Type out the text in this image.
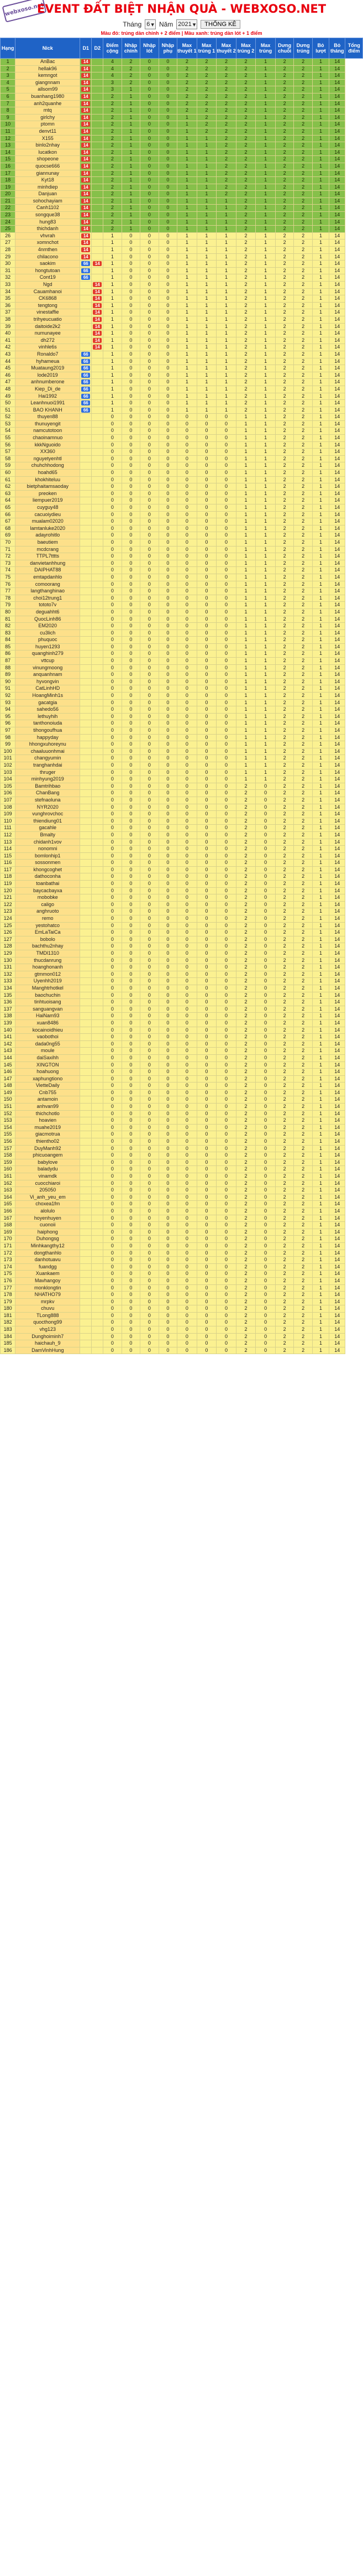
webxoso.net
EVENT ĐẤT BIỆT NHẬN QUÀ - WEBXOSO.NET
Tháng 6 ▾ Năm 2021 ▾	THỐNG KÊ
Màu đỏ: trúng dàn chính + 2 điểm | Màu xanh: trúng dàn lót + 1 điểm
Hạng	Nick	D1	D2	Điểm cộng	Nhập chính	Nhập lót	Nhập phụ	Max thuyết 1	Max trúng 1	Max thuyết 2	Max trúng 2	Max trúng	Dưng chuỗi	Dưng trúng	Bỏ lượt	Bỏ tháng	Tổng điểm
1	AnBac	14		4	2	0	0	2	2	2	2	1	2	2	1	14	
2	hellak96	14		4	2	0	0	2	2	2	2	1	2	2	1	14	
3	kemngot	14		4	2	0	0	2	2	2	2	1	2	2	1	14	
4	giangnnam	14		3	2	0	0	2	2	2	2	1	2	2	1	14	
5	allsom99	14		3	1	0	0	2	2	2	2	1	2	2	1	14	
6	buanhang1980	14		2	1	0	0	2	2	2	2	1	2	2	1	14	
7	anh2quanhe	14		2	1	0	0	2	2	2	2	1	2	2	1	14	
8	mtq	14		2	1	0	0	2	2	2	2	1	2	2	1	14	
9	girlchy	14		2	1	0	0	1	2	2	2	1	2	2	1	14	
10	ptomn	14		2	1	0	0	1	2	2	2	1	2	2	1	14	
11	denvt11	14		2	1	0	0	1	2	2	2	1	2	2	1	14	
12	X155	14		2	1	0	0	1	1	2	2	1	2	2	1	14	
13	binlo2nhay	14		2	1	0	0	1	1	2	2	1	2	2	1	14	
14	lucatkon	14		2	1	0	0	1	1	2	2	1	2	2	1	14	
15	shopeone	14		2	1	0	0	1	1	2	2	1	2	2	1	14	
16	quocse666	14		2	1	0	0	1	1	2	2	1	2	2	1	14	
17	giannunay	14		2	1	0	0	1	1	2	2	1	2	2	1	14	
18	Kyt18	14		2	1	0	0	1	1	2	2	1	2	2	1	14	
19	minhdiep	14		2	1	0	0	1	1	2	2	1	2	2	1	14	
20	Danjuan	14		2	1	0	0	1	1	2	2	1	2	2	1	14	
21	sohochayiam	14		2	1	0	0	1	1	1	2	1	2	2	1	14	
22	Canh1102	14		2	1	0	0	1	1	1	2	1	2	2	1	14	
23	songque38	14		2	1	0	0	1	1	1	2	1	2	2	1	14	
24	hung83	14		2	1	0	0	1	1	1	2	1	2	2	1	14	
25	thichdanh	14		2	1	0	0	1	1	1	2	1	2	2	1	14	
26	vhvrah	14		1	0	0	0	1	1	1	2	1	2	2	1	14	
27	xomnchot	14		1	0	0	0	1	1	1	2	1	2	2	1	14	
28	4nmthen	14		1	0	0	0	1	1	1	2	1	2	2	1	14	
29	chilacono	14		1	0	0	0	1	1	1	2	1	2	2	1	14	
30	saokim	66	14	1	0	0	0	1	1	1	2	1	2	2	1	14	
31	hongtutoan	66		1	0	0	0	1	1	1	2	1	2	2	1	14	
32	Cont19	66		1	0	0	0	1	1	1	2	1	2	2	1	14	
33	Ngd		14	1	0	0	0	1	1	1	2	1	2	2	1	14	
34	Cauamhanoi		14	1	0	0	0	1	1	1	2	1	2	2	1	14	
35	CK6868		14	1	0	0	0	1	1	1	2	1	2	2	1	14	
36	tengtong		14	1	0	0	0	1	1	1	2	1	2	2	1	14	
37	vinestaffie		14	1	0	0	0	1	1	1	2	1	2	2	1	14	
38	trihyeucuatio		14	1	0	0	0	1	1	1	2	1	2	2	1	14	
39	daitoide2k2		14	1	0	0	0	1	1	1	2	1	2	2	1	14	
40	numunayee		14	1	0	0	0	1	1	1	2	1	2	2	1	14	
41	dh272		14	1	0	0	0	1	1	1	2	1	2	2	1	14	
42	vinhle6s		14	1	0	0	0	1	1	1	2	1	2	2	1	14	
43	Ronaldo7	66		1	0	0	0	1	1	1	2	1	2	2	1	14	
44	hyhameua	66		1	0	0	0	1	1	1	2	1	2	2	1	14	
45	Muataung2019	66		1	0	0	0	1	1	1	2	1	2	2	1	14	
46	lode2019	66		1	0	0	0	1	1	1	2	1	2	2	1	14	
47	anhnumberone	66		1	0	0	0	1	1	1	2	1	2	2	1	14	
48	Kiep_Di_de	66		1	0	0	0	1	1	1	2	1	2	2	1	14	
49	Hai1992	66		1	0	0	0	1	1	1	2	1	2	2	1	14	
50	Leanhnuoi1991	66		1	0	0	0	1	1	1	2	1	2	2	1	14	
51	BAO KHANH	66		1	0	0	0	1	1	1	2	1	2	2	1	14	
52	thuyen88			0	0	0	0	0	0	0	1	1	2	2	1	14	
53	thunuyengit			0	0	0	0	0	0	0	1	1	2	2	1	14	
54	namcutotoon			0	0	0	0	0	0	0	1	1	2	2	1	14	
55	chaoinamnuo			0	0	0	0	0	0	0	1	1	2	2	1	14	
56	kkkNguoido			0	0	0	0	0	0	0	1	1	2	2	1	14	
57	XX360			0	0	0	0	0	0	0	1	1	2	2	1	14	
58	nguyetyenhtl			0	0	0	0	0	0	0	1	1	2	2	1	14	
59	chuhchhodong			0	0	0	0	0	0	0	1	1	2	2	1	14	
60	hoahd65			0	0	0	0	0	0	0	1	1	2	2	1	14	
61	khokhiteluu			0	0	0	0	0	0	0	1	1	2	2	1	14	
62	bietphaitamsaoday			0	0	0	0	0	0	0	1	1	2	2	1	14	
63	preoken			0	0	0	0	0	0	0	1	1	2	2	1	14	
64	liempuer2019			0	0	0	0	0	0	0	1	1	2	2	1	14	
65	cuyguy48			0	0	0	0	0	0	0	1	1	2	2	1	14	
66	cacuoiydieu			0	0	0	0	0	0	0	1	1	2	2	1	14	
67	mualam02020			0	0	0	0	0	0	0	1	1	2	2	1	14	
68	lamtanluke2020			0	0	0	0	0	0	0	1	1	2	2	1	14	
69	adayrohitlo			0	0	0	0	0	0	0	1	1	2	2	1	14	
70	baeutiem			0	0	0	0	0	0	0	1	1	2	2	1	14	
71	mcdcrang			0	0	0	0	0	0	0	1	1	2	2	1	14	
72	TTPL7tttts			0	0	0	0	0	0	0	1	1	2	2	1	14	
73	danvietanhhung			0	0	0	0	0	0	0	1	1	2	2	1	14	
74	DAIPHAT88			0	0	0	0	0	0	0	1	1	2	2	1	14	
75	emtapdanhlo			0	0	0	0	0	0	0	1	1	2	2	1	14	
76	comoorang			0	0	0	0	0	0	0	1	1	2	2	1	14	
77	langthanghinao			0	0	0	0	0	0	0	1	1	2	2	1	14	
78	choi12trung1			0	0	0	0	0	0	0	1	1	2	2	1	14	
79	tototo7v			0	0	0	0	0	0	0	1	1	2	2	1	14	
80	deguahht6			0	0	0	0	0	0	0	1	1	2	2	1	14	
81	QuocLinh86			0	0	0	0	0	0	0	1	1	2	2	1	14	
82	EM2020			0	0	0	0	0	0	0	1	1	2	2	1	14	
83	cu3lich			0	0	0	0	0	0	0	1	1	2	2	1	14	
84	phuquoc			0	0	0	0	0	0	0	1	1	2	2	1	14	
85	huyen1293			0	0	0	0	0	0	0	1	1	2	2	1	14	
86	quanghinh279			0	0	0	0	0	0	0	1	1	2	2	1	14	
87	vttcup			0	0	0	0	0	0	0	1	1	2	2	1	14	
88	vinungmoong			0	0	0	0	0	0	0	1	1	2	2	1	14	
89	anquanhnam			0	0	0	0	0	0	0	1	1	2	2	1	14	
90	hyvongvin			0	0	0	0	0	0	0	1	1	2	2	1	14	
91	CatLinhHD			0	0	0	0	0	0	0	1	1	2	2	1	14	
92	HoangMinh1s			0	0	0	0	0	0	0	1	1	2	2	1	14	
93	gacatgia			0	0	0	0	0	0	0	1	1	2	2	1	14	
94	sahedo56			0	0	0	0	0	0	0	1	1	2	2	1	14	
95	lethuyhih			0	0	0	0	0	0	0	1	1	2	2	1	14	
96	tanthonoiuda			0	0	0	0	0	0	0	1	1	2	2	1	14	
97	tihongoufhua			0	0	0	0	0	0	0	1	1	2	2	1	14	
98	happyday			0	0	0	0	0	0	0	1	1	2	2	1	14	
99	hhongxuhoreynu			0	0	0	0	0	0	0	1	1	2	2	1	14	
100	chaaluuonhmai			0	0	0	0	0	0	0	1	1	2	2	1	14	
101	changyumin			0	0	0	0	0	0	0	1	1	2	2	1	14	
102	tranghanhdai			0	0	0	0	0	0	0	1	1	2	2	1	14	
103	thruger			0	0	0	0	0	0	0	1	1	2	2	1	14	
104	minhyung2019			0	0	0	0	0	0	0	1	1	2	2	1	14	
105	Bamtrihbao			0	0	0	0	0	0	0	2	0	2	2	1	14	
106	ChanBang			0	0	0	0	0	0	0	2	0	2	2	1	14	
107	stefnaoluna			0	0	0	0	0	0	0	2	0	2	2	1	14	
108	NYR2020			0	0	0	0	0	0	0	2	0	2	2	1	14	
109	vunghrovchoc			0	0	0	0	0	0	0	2	0	2	2	1	14	
110	thiendiung01			0	0	0	0	0	0	0	2	0	2	2	1	14	
111	gacahle			0	0	0	0	0	0	0	2	0	2	2	1	14	
112	Bmalty			0	0	0	0	0	0	0	2	0	2	2	1	14	
113	chidanh1vov			0	0	0	0	0	0	0	2	0	2	2	1	14	
114	nonomni			0	0	0	0	0	0	0	2	0	2	2	1	14	
115	bomlonhip1			0	0	0	0	0	0	0	2	0	2	2	1	14	
116	sossonmen			0	0	0	0	0	0	0	2	0	2	2	1	14	
117	khongcoghet			0	0	0	0	0	0	0	2	0	2	2	1	14	
118	dathoconha			0	0	0	0	0	0	0	2	0	2	2	1	14	
119	toanbathai			0	0	0	0	0	0	0	2	0	2	2	1	14	
120	baycacbayxa			0	0	0	0	0	0	0	2	0	2	2	1	14	
121	mobobke			0	0	0	0	0	0	0	2	0	2	2	1	14	
122	caligo			0	0	0	0	0	0	0	2	0	2	2	1	14	
123	anghruoto			0	0	0	0	0	0	0	2	0	2	2	1	14	
124	remo			0	0	0	0	0	0	0	2	0	2	2	1	14	
125	yestohatco			0	0	0	0	0	0	0	2	0	2	2	1	14	
126	EmLaTaiCa			0	0	0	0	0	0	0	2	0	2	2	1	14	
127	bobolo			0	0	0	0	0	0	0	2	0	2	2	1	14	
128	bachthu2nhay			0	0	0	0	0	0	0	2	0	2	2	1	14	
129	TMDl1310			0	0	0	0	0	0	0	2	0	2	2	1	14	
130	thucdanrung			0	0	0	0	0	0	0	2	0	2	2	1	14	
131	hoanghonanh			0	0	0	0	0	0	0	2	0	2	2	1	14	
132	gtmmon012			0	0	0	0	0	0	0	2	0	2	2	1	14	
133	Uyenhh2019			0	0	0	0	0	0	0	2	0	2	2	1	14	
134	Manghtrhotkel			0	0	0	0	0	0	0	2	0	2	2	1	14	
135	baochuchin			0	0	0	0	0	0	0	2	0	2	2	1	14	
136	tinhtuoisang			0	0	0	0	0	0	0	2	0	2	2	1	14	
137	sanguangvan			0	0	0	0	0	0	0	2	0	2	2	1	14	
138	HaiNam93			0	0	0	0	0	0	0	2	0	2	2	1	14	
139	xuan8486			0	0	0	0	0	0	0	2	0	2	2	1	14	
140	kocainoidhieu			0	0	0	0	0	0	0	2	0	2	2	1	14	
141	vaobothoi			0	0	0	0	0	0	0	2	0	2	2	1	14	
142	dada0ng55			0	0	0	0	0	0	0	2	0	2	2	1	14	
143	moule			0	0	0	0	0	0	0	2	0	2	2	1	14	
144	daiSaxihh			0	0	0	0	0	0	0	2	0	2	2	1	14	
145	XINGTON			0	0	0	0	0	0	0	2	0	2	2	1	14	
146	hoahuong			0	0	0	0	0	0	0	2	0	2	2	1	14	
147	xaphungtiono			0	0	0	0	0	0	0	2	0	2	2	1	14	
148	VietteDaily			0	0	0	0	0	0	0	2	0	2	2	1	14	
149	Cnb755			0	0	0	0	0	0	0	2	0	2	2	1	14	
150	antamoin			0	0	0	0	0	0	0	2	0	2	2	1	14	
151	anhvan99			0	0	0	0	0	0	0	2	0	2	2	1	14	
152	thichchotlo			0	0	0	0	0	0	0	2	0	2	2	1	14	
153	hoavien			0	0	0	0	0	0	0	2	0	2	2	1	14	
154	muahe2019			0	0	0	0	0	0	0	2	0	2	2	1	14	
155	giacmotrua			0	0	0	0	0	0	0	2	0	2	2	1	14	
156	thientho02			0	0	0	0	0	0	0	2	0	2	2	1	14	
157	DuyManh92			0	0	0	0	0	0	0	2	0	2	2	1	14	
158	phicuoangem			0	0	0	0	0	0	0	2	0	2	2	1	14	
159	babylove			0	0	0	0	0	0	0	2	0	2	2	1	14	
160	baladydu			0	0	0	0	0	0	0	2	0	2	2	1	14	
161	vinamdk			0	0	0	0	0	0	0	2	0	2	2	1	14	
162	cuocchiaroi			0	0	0	0	0	0	0	2	0	2	2	1	14	
163	205050			0	0	0	0	0	0	0	2	0	2	2	1	14	
164	Vi_anh_yeu_em			0	0	0	0	0	0	0	2	0	2	2	1	14	
165	choxea1fm			0	0	0	0	0	0	0	2	0	2	2	1	14	
166	alolulo			0	0	0	0	0	0	0	2	0	2	2	1	14	
167	hoyenhuyen			0	0	0	0	0	0	0	2	0	2	2	1	14	
168	cuonoii			0	0	0	0	0	0	0	2	0	2	2	1	14	
169	haiphong			0	0	0	0	0	0	0	2	0	2	2	1	14	
170	Duhongsg			0	0	0	0	0	0	0	2	0	2	2	1	14	
171	Minhkangthy12			0	0	0	0	0	0	0	2	0	2	2	1	14	
172	dongthanhlo			0	0	0	0	0	0	0	2	0	2	2	1	14	
173	danhotuavu			0	0	0	0	0	0	0	2	0	2	2	1	14	
174	fuandgg			0	0	0	0	0	0	0	2	0	2	2	1	14	
175	Xuankaem			0	0	0	0	0	0	0	2	0	2	2	1	14	
176	Mavhangoy			0	0	0	0	0	0	0	2	0	2	2	1	14	
177	monklongtin			0	0	0	0	0	0	0	2	0	2	2	1	14	
178	NHATHO79			0	0	0	0	0	0	0	2	0	2	2	1	14	
179	mrpkv			0	0	0	0	0	0	0	2	0	2	2	1	14	
180	chuvu			0	0	0	0	0	0	0	2	0	2	2	1	14	
181	TLong888			0	0	0	0	0	0	0	2	0	2	2	1	14	
182	quocthong99			0	0	0	0	0	0	0	2	0	2	2	1	14	
183	vhg123			0	0	0	0	0	0	0	2	0	2	2	1	14	
184	Dunghoiminh7			0	0	0	0	0	0	0	2	0	2	2	1	14	
185	haichauh_9			0	0	0	0	0	0	0	2	0	2	2	1	14	
186	DamVinhHung			0	0	0	0	0	0	0	2	0	2	2	1	14	
